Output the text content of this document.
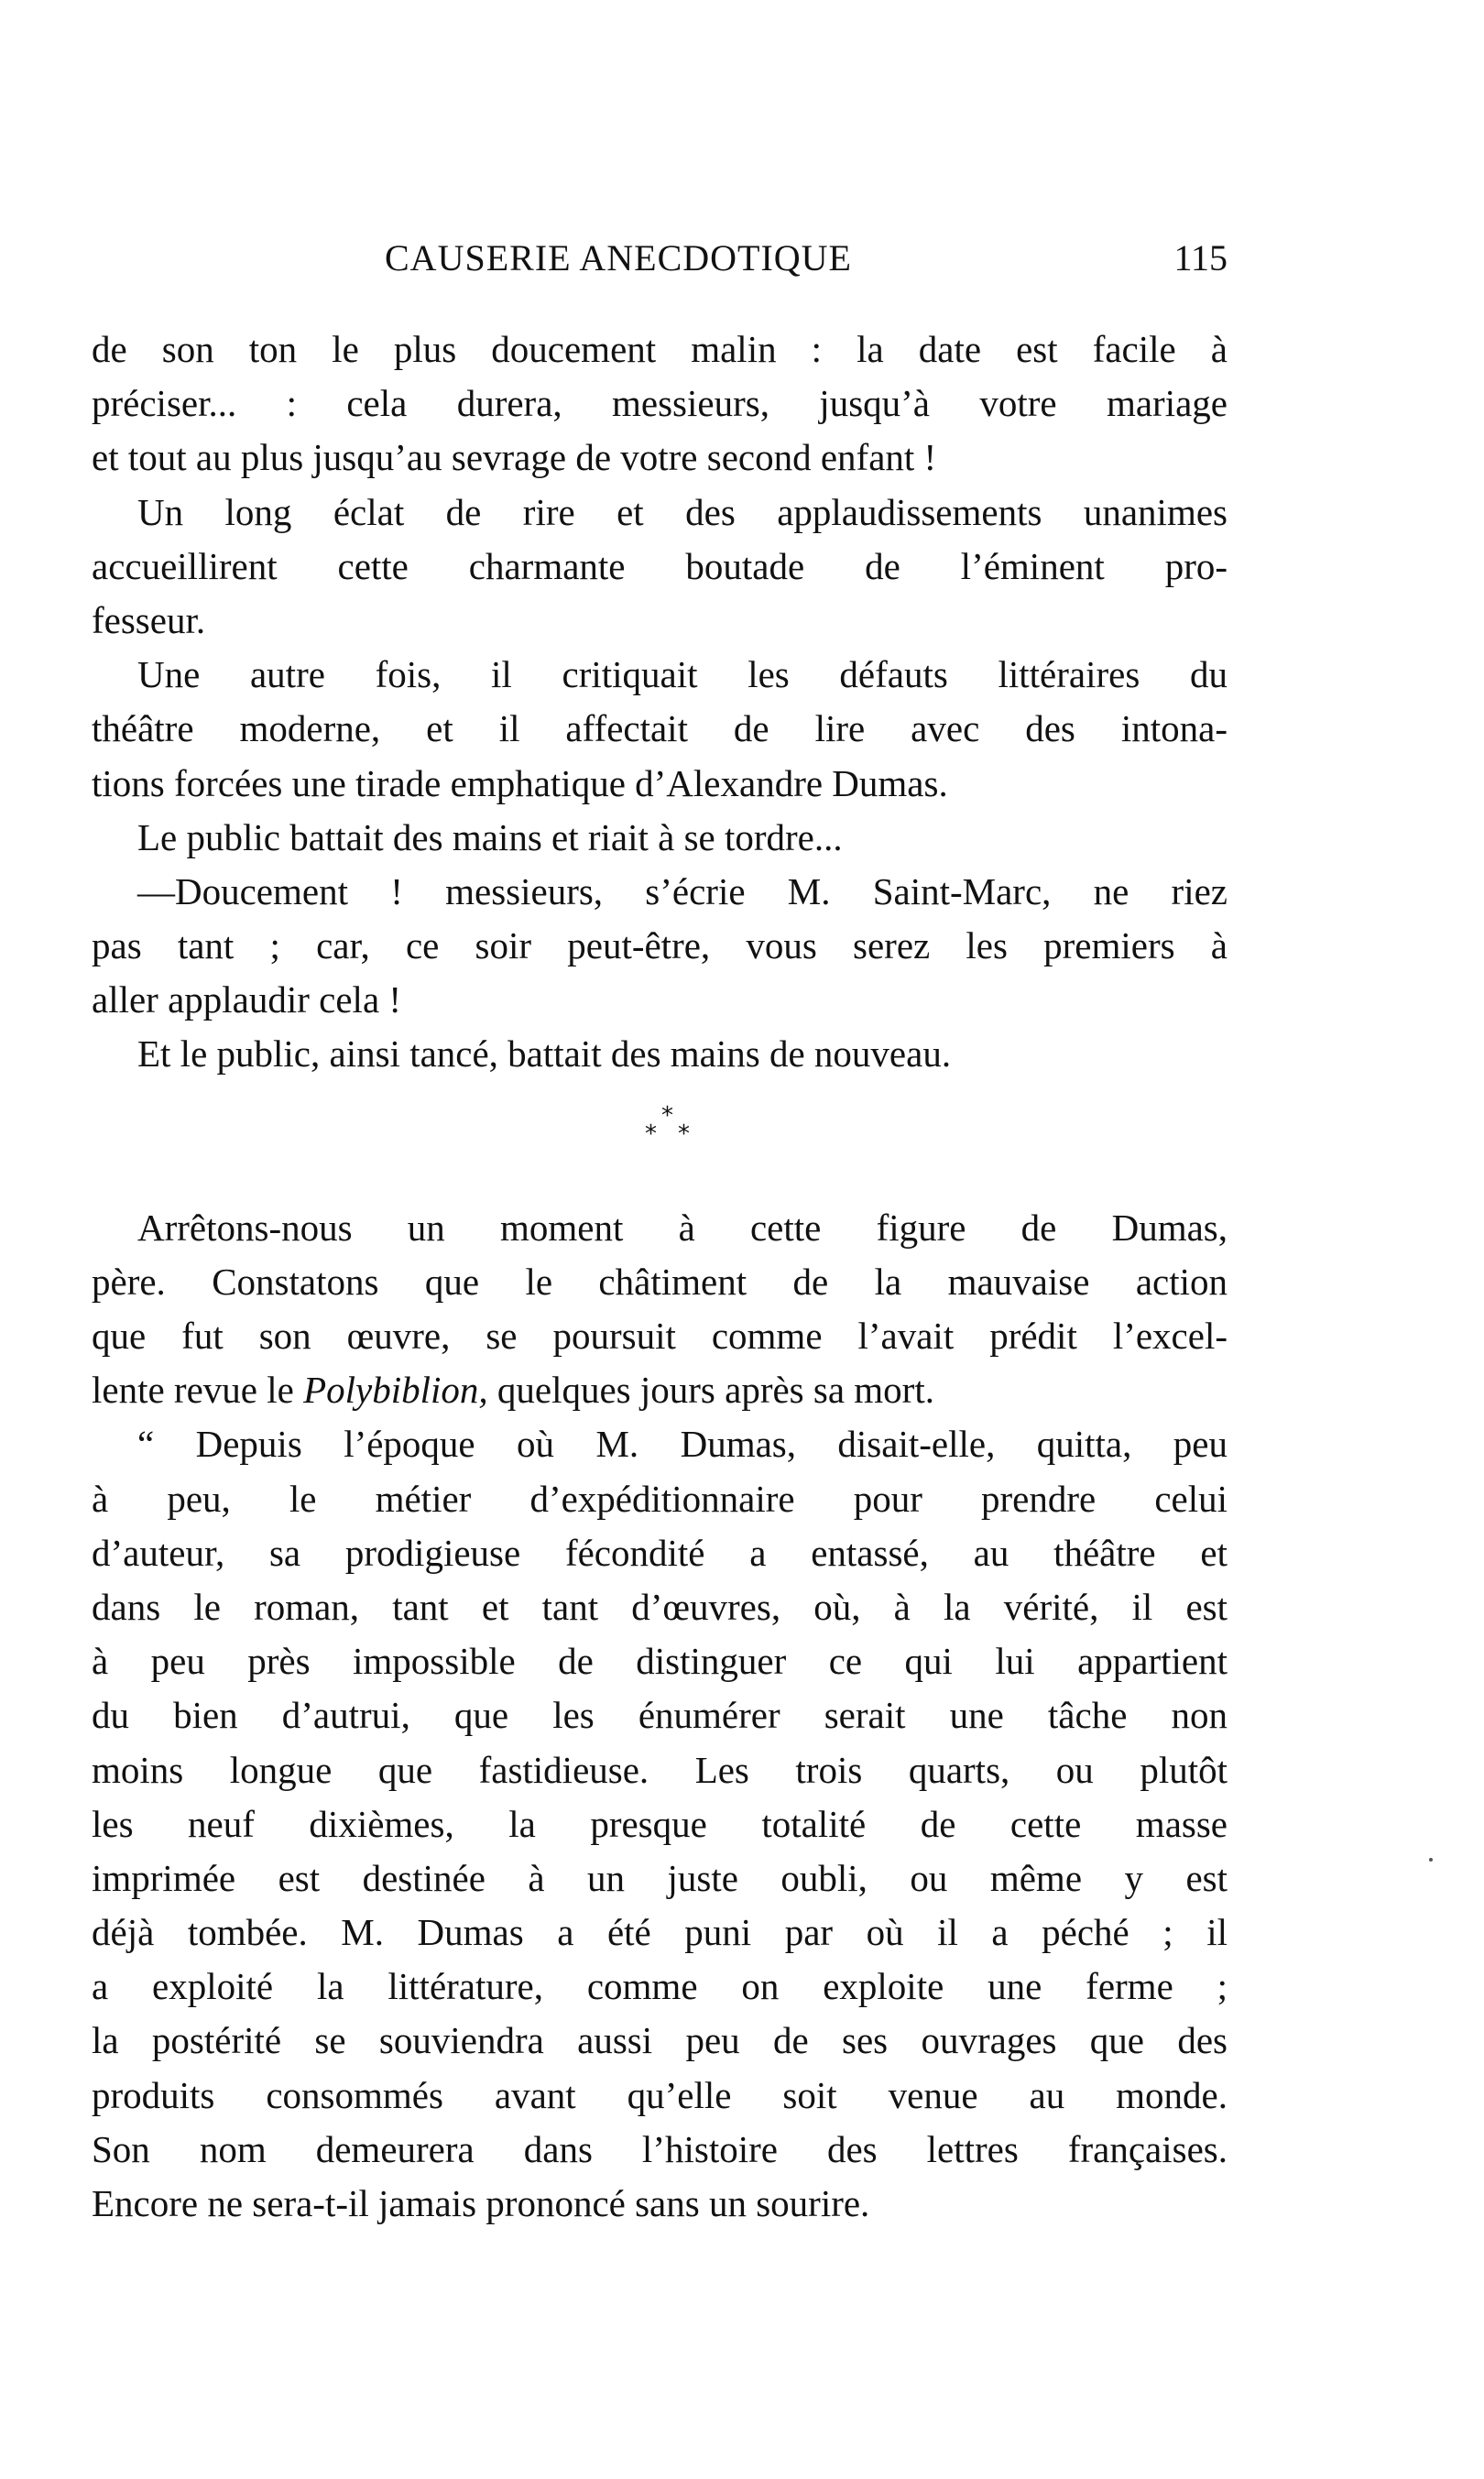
CAUSERIE ANECDOTIQUE	115
de son ton le plus doucement malin : la date est facile à
préciser... : cela durera, messieurs, jusqu’à votre mariage
et tout au plus jusqu’au sevrage de votre second enfant !
Un long éclat de rire et des applaudissements unanimes
accueillirent cette charmante boutade de l’éminent pro-
fesseur.
Une autre fois, il critiquait les défauts littéraires du
théâtre moderne, et il affectait de lire avec des intona-
tions forcées une tirade emphatique d’Alexandre Dumas.
Le public battait des mains et riait à se tordre...
—Doucement ! messieurs, s’écrie M. Saint-Marc, ne riez
pas tant ; car, ce soir peut-être, vous serez les premiers à
aller applaudir cela !
Et le public, ainsi tancé, battait des mains de nouveau.
*
* *
Arrêtons-nous un moment à cette figure de Dumas,
père. Constatons que le châtiment de la mauvaise action
que fut son œuvre, se poursuit comme l’avait prédit l’excel-
lente revue le Polybiblion, quelques jours après sa mort.
“ Depuis l’époque où M. Dumas, disait-elle, quitta, peu
à peu, le métier d’expéditionnaire pour prendre celui
d’auteur, sa prodigieuse fécondité a entassé, au théâtre et
dans le roman, tant et tant d’œuvres, où, à la vérité, il est
à peu près impossible de distinguer ce qui lui appartient
du bien d’autrui, que les énumérer serait une tâche non
moins longue que fastidieuse. Les trois quarts, ou plutôt
les neuf dixièmes, la presque totalité de cette masse
imprimée est destinée à un juste oubli, ou même y est
déjà tombée. M. Dumas a été puni par où il a péché ; il
a exploité la littérature, comme on exploite une ferme ;
la postérité se souviendra aussi peu de ses ouvrages que des
produits consommés avant qu’elle soit venue au monde.
Son nom demeurera dans l’histoire des lettres françaises.
Encore ne sera-t-il jamais prononcé sans un sourire.
